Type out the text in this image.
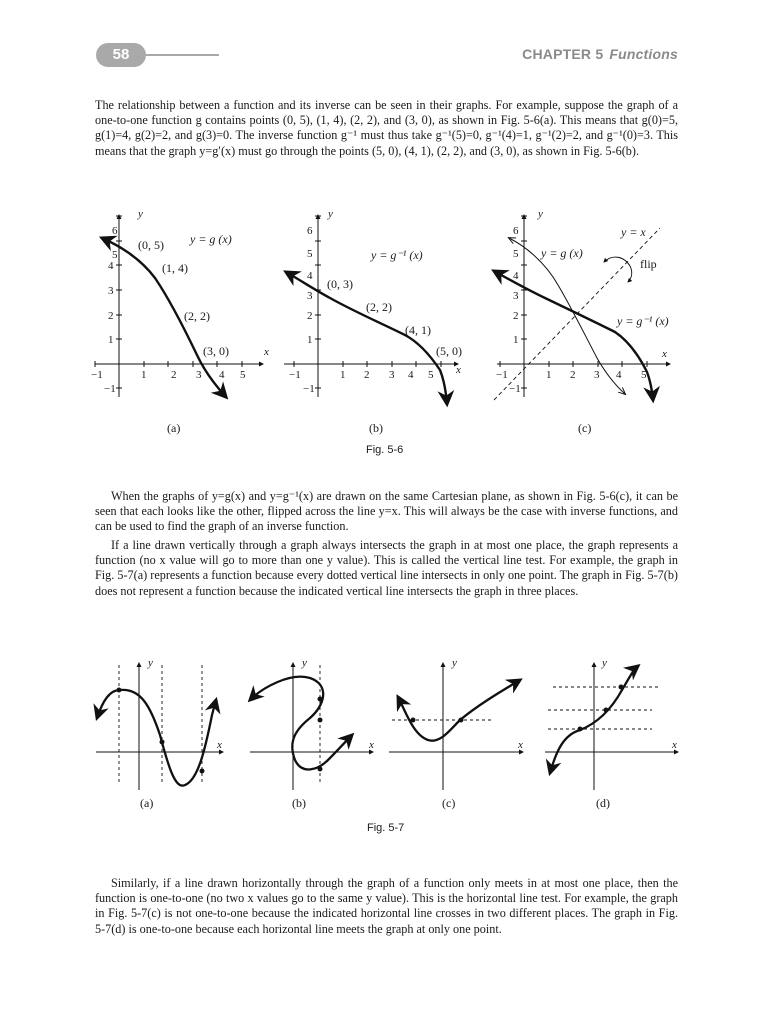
58	CHAPTER 5 Functions

The relationship between a function and its inverse can be seen in their graphs. For example, suppose the graph of a one-to-one function g contains points (0, 5), (1, 4), (2, 2), and (3, 0), as shown in Fig. 5-6(a). This means that g(0)=5, g(1)=4, g(2)=2, and g(3)=0. The inverse function g⁻¹ must thus take g⁻¹(5)=0, g⁻¹(4)=1, g⁻¹(2)=2, and g⁻¹(0)=3. This means that the graph y=gʹ(x) must go through the points (5, 0), (4, 1), (2, 2), and (3, 0), as shown in Fig. 5-6(b).

−1	1 2 3 4 5
−1
1
2
3
4
5
6
y
x
(0, 5)
(1, 4)
(2, 2)
(3, 0)
y = g (x)
(a)
−1	1 2 3 4 5
−1
1
2
3
4
5
6
y
x
(0, 3)
(2, 2)
(4, 1)
(5, 0)
y = g⁻¹ (x)
(b)
−1	1 2 3 4 5
−1
1
2
3
4
5
6
y
x
y = g (x)
y = x
flip
y = g⁻¹ (x)
(c)
Fig. 5-6

When the graphs of y=g(x) and y=g⁻¹(x) are drawn on the same Cartesian plane, as shown in Fig. 5-6(c), it can be seen that each looks like the other, flipped across the line y=x. This will always be the case with inverse functions, and can be used to find the graph of an inverse function.

If a line drawn vertically through a graph always intersects the graph in at most one place, the graph represents a function (no x value will go to more than one y value). This is called the vertical line test. For example, the graph in Fig. 5-7(a) represents a function because every dotted vertical line intersects in only one point. The graph in Fig. 5-7(b) does not represent a function because the indicated vertical line intersects the graph in three places.

y
x
(a)
y
x
(b)
y
x
(c)
y
x
(d)
Fig. 5-7

Similarly, if a line drawn horizontally through the graph of a function only meets in at most one place, then the function is one-to-one (no two x values go to the same y value). This is the horizontal line test. For example, the graph in Fig. 5-7(c) is not one-to-one because the indicated horizontal line crosses in two different places. The graph in Fig. 5-7(d) is one-to-one because each horizontal line meets the graph at only one point.
